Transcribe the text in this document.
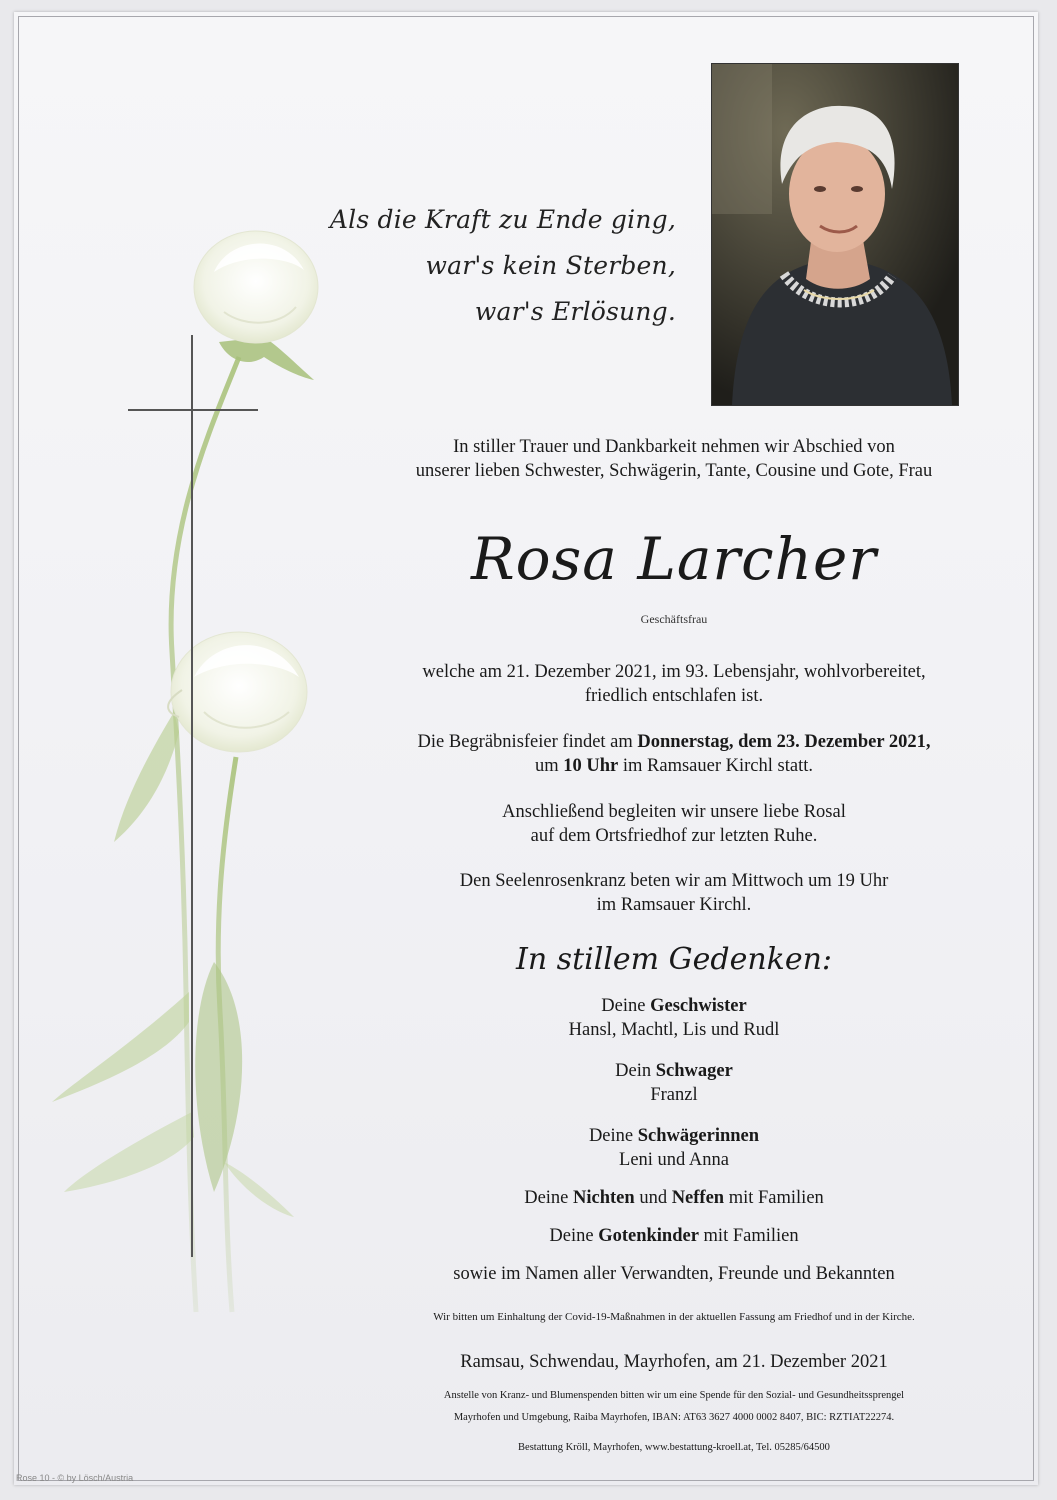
Als die Kraft zu Ende ging,
war's kein Sterben,
war's Erlösung.
In stiller Trauer und Dankbarkeit nehmen wir Abschied von
unserer lieben Schwester, Schwägerin, Tante, Cousine und Gote, Frau
Rosa Larcher
Geschäftsfrau
welche am 21. Dezember 2021, im 93. Lebensjahr, wohlvorbereitet,
friedlich entschlafen ist.
Die Begräbnisfeier findet am Donnerstag, dem 23. Dezember 2021,
um 10 Uhr im Ramsauer Kirchl statt.
Anschließend begleiten wir unsere liebe Rosal
auf dem Ortsfriedhof zur letzten Ruhe.
Den Seelenrosenkranz beten wir am Mittwoch um 19 Uhr
im Ramsauer Kirchl.
In stillem Gedenken:
Deine Geschwister
Hansl, Machtl, Lis und Rudl
Dein Schwager
Franzl
Deine Schwägerinnen
Leni und Anna
Deine Nichten und Neffen mit Familien
Deine Gotenkinder mit Familien
sowie im Namen aller Verwandten, Freunde und Bekannten
Wir bitten um Einhaltung der Covid-19-Maßnahmen in der aktuellen Fassung am Friedhof und in der Kirche.
Ramsau, Schwendau, Mayrhofen, am 21. Dezember 2021
Anstelle von Kranz- und Blumenspenden bitten wir um eine Spende für den Sozial- und Gesundheitssprengel
Mayrhofen und Umgebung, Raiba Mayrhofen, IBAN: AT63 3627 4000 0002 8407, BIC: RZTIAT22274.
Bestattung Kröll, Mayrhofen, www.bestattung-kroell.at, Tel. 05285/64500
Rose 10 - © by Lösch/Austria
